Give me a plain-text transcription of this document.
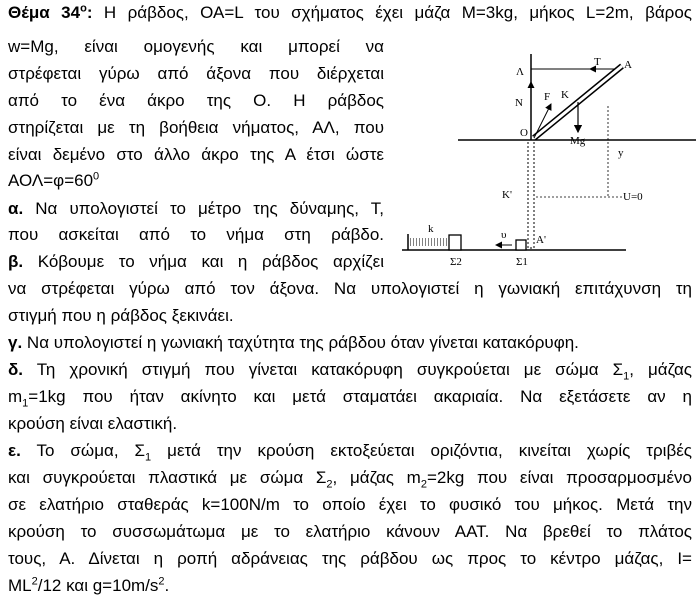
Θέμα $34^o$: Η ράβδος, ΟΑ=L του σχήματος έχει μάζα Μ=3kg, μήκος L=2m, βάρος
w=Mg, είναι ομογενής και μπορεί να
στρέφεται γύρω από άξονα που διέρχεται
από το ένα άκρο της Ο. Η ράβδος
στηρίζεται με τη βοήθεια νήματος, ΑΛ, που
είναι δεμένο στο άλλο άκρο της Α έτσι ώστε
$AO\Lambda=\varphi=60^0$
α. Να υπολογιστεί το μέτρο της δύναμης, Τ,
που ασκείται από το νήμα στη ράβδο.
β. Κόβουμε το νήμα και η ράβδος αρχίζει
να στρέφεται γύρω από τον άξονα. Να υπολογιστεί η γωνιακή επιτάχυνση τη
στιγμή που η ράβδος ξεκινάει.
γ. Να υπολογιστεί η γωνιακή ταχύτητα της ράβδου όταν γίνεται κατακόρυφη.
δ. Τη χρονική στιγμή που γίνεται κατακόρυφη συγκρούεται με σώμα $\Sigma_1$, μάζας
$m_1=1kg$ που ήταν ακίνητο και μετά σταματάει ακαριαία. Να εξετάσετε αν η
κρούση είναι ελαστική.
ε. Το σώμα, $\Sigma_1$ μετά την κρούση εκτοξεύεται οριζόντια, κινείται χωρίς τριβές
και συγκρούεται πλαστικά με σώμα $\Sigma_2$, μάζας $m_2=2kg$ που είναι προσαρμοσμένο
σε ελατήριο σταθεράς k=100N/m το οποίο έχει το φυσικό του μήκος. Μετά την
κρούση το συσσωμάτωμα με το ελατήριο κάνουν ΑΑΤ. Να βρεθεί το πλάτος
τους, Α. Δίνεται η ροπή αδράνειας της ράβδου ως προς το κέντρο μάζας, Ι=
$ML^2/12$ και $g=10m/s^2$.
Λ
T A
N F K
O
Mg
y
K'	U=0
k	υ	A'
Σ2	Σ1
